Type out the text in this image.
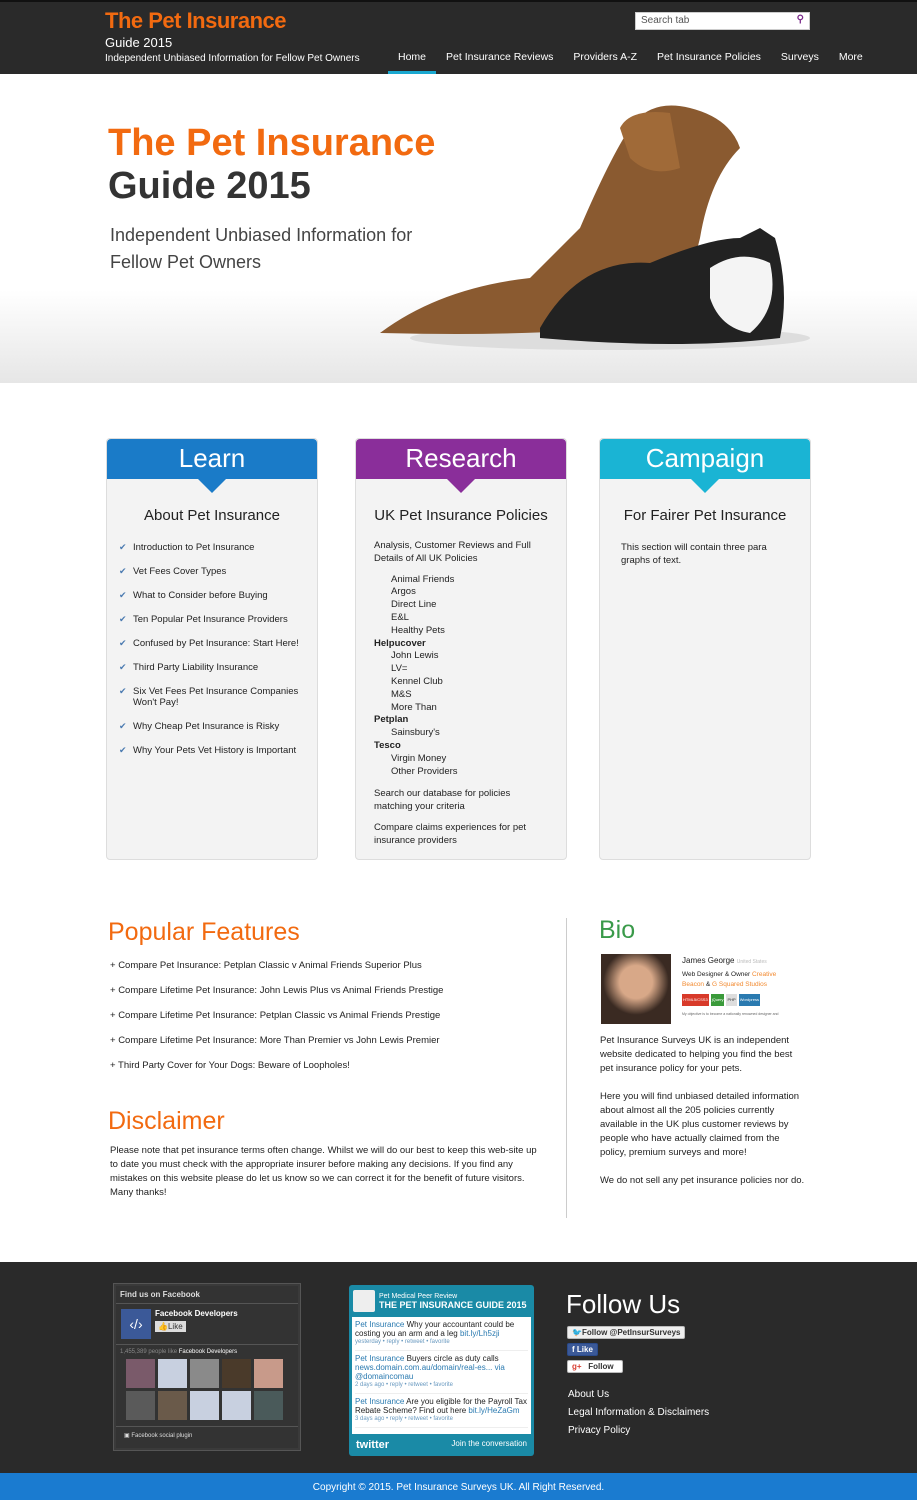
The Pet Insurance
Guide 2015
Independent Unbiased Information for Fellow Pet Owners
Search tab	⚲
Home	Pet Insurance Reviews	Providers A-Z	Pet Insurance Policies	Surveys	More
The Pet Insurance
Guide 2015
Independent Unbiased Information for Fellow Pet Owners
Learn
About Pet Insurance
✔ Introduction to Pet Insurance
✔ Vet Fees Cover Types
✔ What to Consider before Buying
✔ Ten Popular Pet Insurance Providers
✔ Confused by Pet Insurance: Start Here!
✔ Third Party Liability Insurance
✔ Six Vet Fees Pet Insurance Companies Won't Pay!
✔ Why Cheap Pet Insurance is Risky
✔ Why Your Pets Vet History is Important
Research
UK Pet Insurance Policies
Analysis, Customer Reviews and Full Details of All UK Policies
Animal Friends
Argos
Direct Line
E&L
Healthy Pets
Helpucover
John Lewis
LV=
Kennel Club
M&S
More Than
Petplan
Sainsbury's
Tesco
Virgin Money
Other Providers
Search our database for policies matching your criteria
Compare claims experiences for pet insurance providers
Campaign
For Fairer Pet Insurance
This section will contain three para graphs of text.
Popular Features
+ Compare Pet Insurance: Petplan Classic v Animal Friends Superior Plus
+ Compare Lifetime Pet Insurance: John Lewis Plus vs Animal Friends Prestige
+ Compare Lifetime Pet Insurance: Petplan Classic vs Animal Friends Prestige
+ Compare Lifetime Pet Insurance: More Than Premier vs John Lewis Premier
+ Third Party Cover for Your Dogs: Beware of Loopholes!
Disclaimer
Please note that pet insurance terms often change. Whilst we will do our best to keep this web-site up to date you must check with the appropriate insurer before making any decisions. If you find any mistakes on this website please do let us know so we can correct it for the benefit of future visitors. Many thanks!
Bio
James George United States
Web Designer & Owner Creative Beacon & G Squared Studios
HTML5/CSS3 jQuery PHP Wordpress
My objective is to become a nationally renowned designer and

Pet Insurance Surveys UK is an independent website dedicated to helping you find the best pet insurance policy for your pets.

Here you will find unbiased detailed information about almost all the 205 policies currently available in the UK plus customer reviews by people who have actually claimed from the policy, premium surveys and more!

We do not sell any pet insurance policies nor do.

Find us on Facebook
‹/›
Facebook Developers
👍Like
1,455,389 people like Facebook Developers
▣ Facebook social plugin
Pet Medical Peer Review
THE PET INSURANCE GUIDE 2015

Pet Insurance Why your accountant could be costing you an arm and a leg bit.ly/Lh5zji
yesterday • reply • retweet • favorite

Pet Insurance Buyers circle as duty calls news.domain.com.au/domain/real-es... via @domaincomau
2 days ago • reply • retweet • favorite

Pet Insurance Are you eligible for the Payroll Tax Rebate Scheme? Find out here bit.ly/HeZaGm
3 days ago • reply • retweet • favorite

twitter	Join the conversation
Follow Us
🐦Follow @PetInsurSurveys
f Like
g+ Follow
About Us
Legal Information & Disclaimers
Privacy Policy
Copyright © 2015. Pet Insurance Surveys UK. All Right Reserved.
